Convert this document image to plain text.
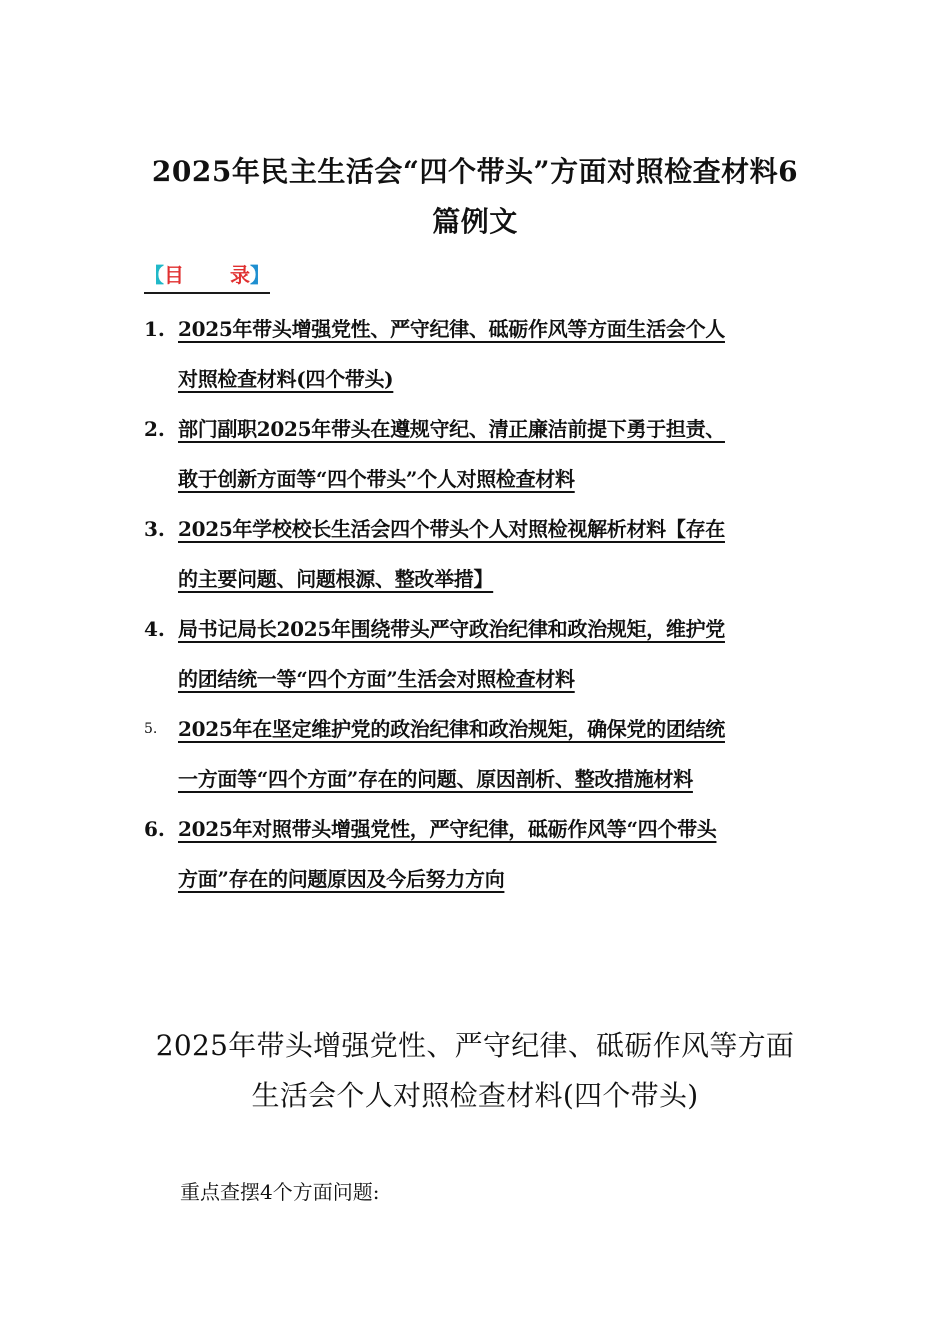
2025年民主生活会“四个带头”方面对照检查材料6
篇例文
【目 录】
1. 2025年带头增强党性、严守纪律、砥砺作风等方面生活会个人
对照检查材料(四个带头)
2. 部门副职2025年带头在遵规守纪、清正廉洁前提下勇于担责、
敢于创新方面等“四个带头”个人对照检查材料
3. 2025年学校校长生活会四个带头个人对照检视解析材料【存在
的主要问题、问题根源、整改举措】
4. 局书记局长2025年围绕带头严守政治纪律和政治规矩，维护党
的团结统一等“四个方面”生活会对照检查材料
5. 2025年在坚定维护党的政治纪律和政治规矩，确保党的团结统
一方面等“四个方面”存在的问题、原因剖析、整改措施材料
6. 2025年对照带头增强党性，严守纪律，砥砺作风等“四个带头
方面”存在的问题原因及今后努力方向
2025年带头增强党性、严守纪律、砥砺作风等方面
生活会个人对照检查材料(四个带头)

重点查摆4个方面问题:
